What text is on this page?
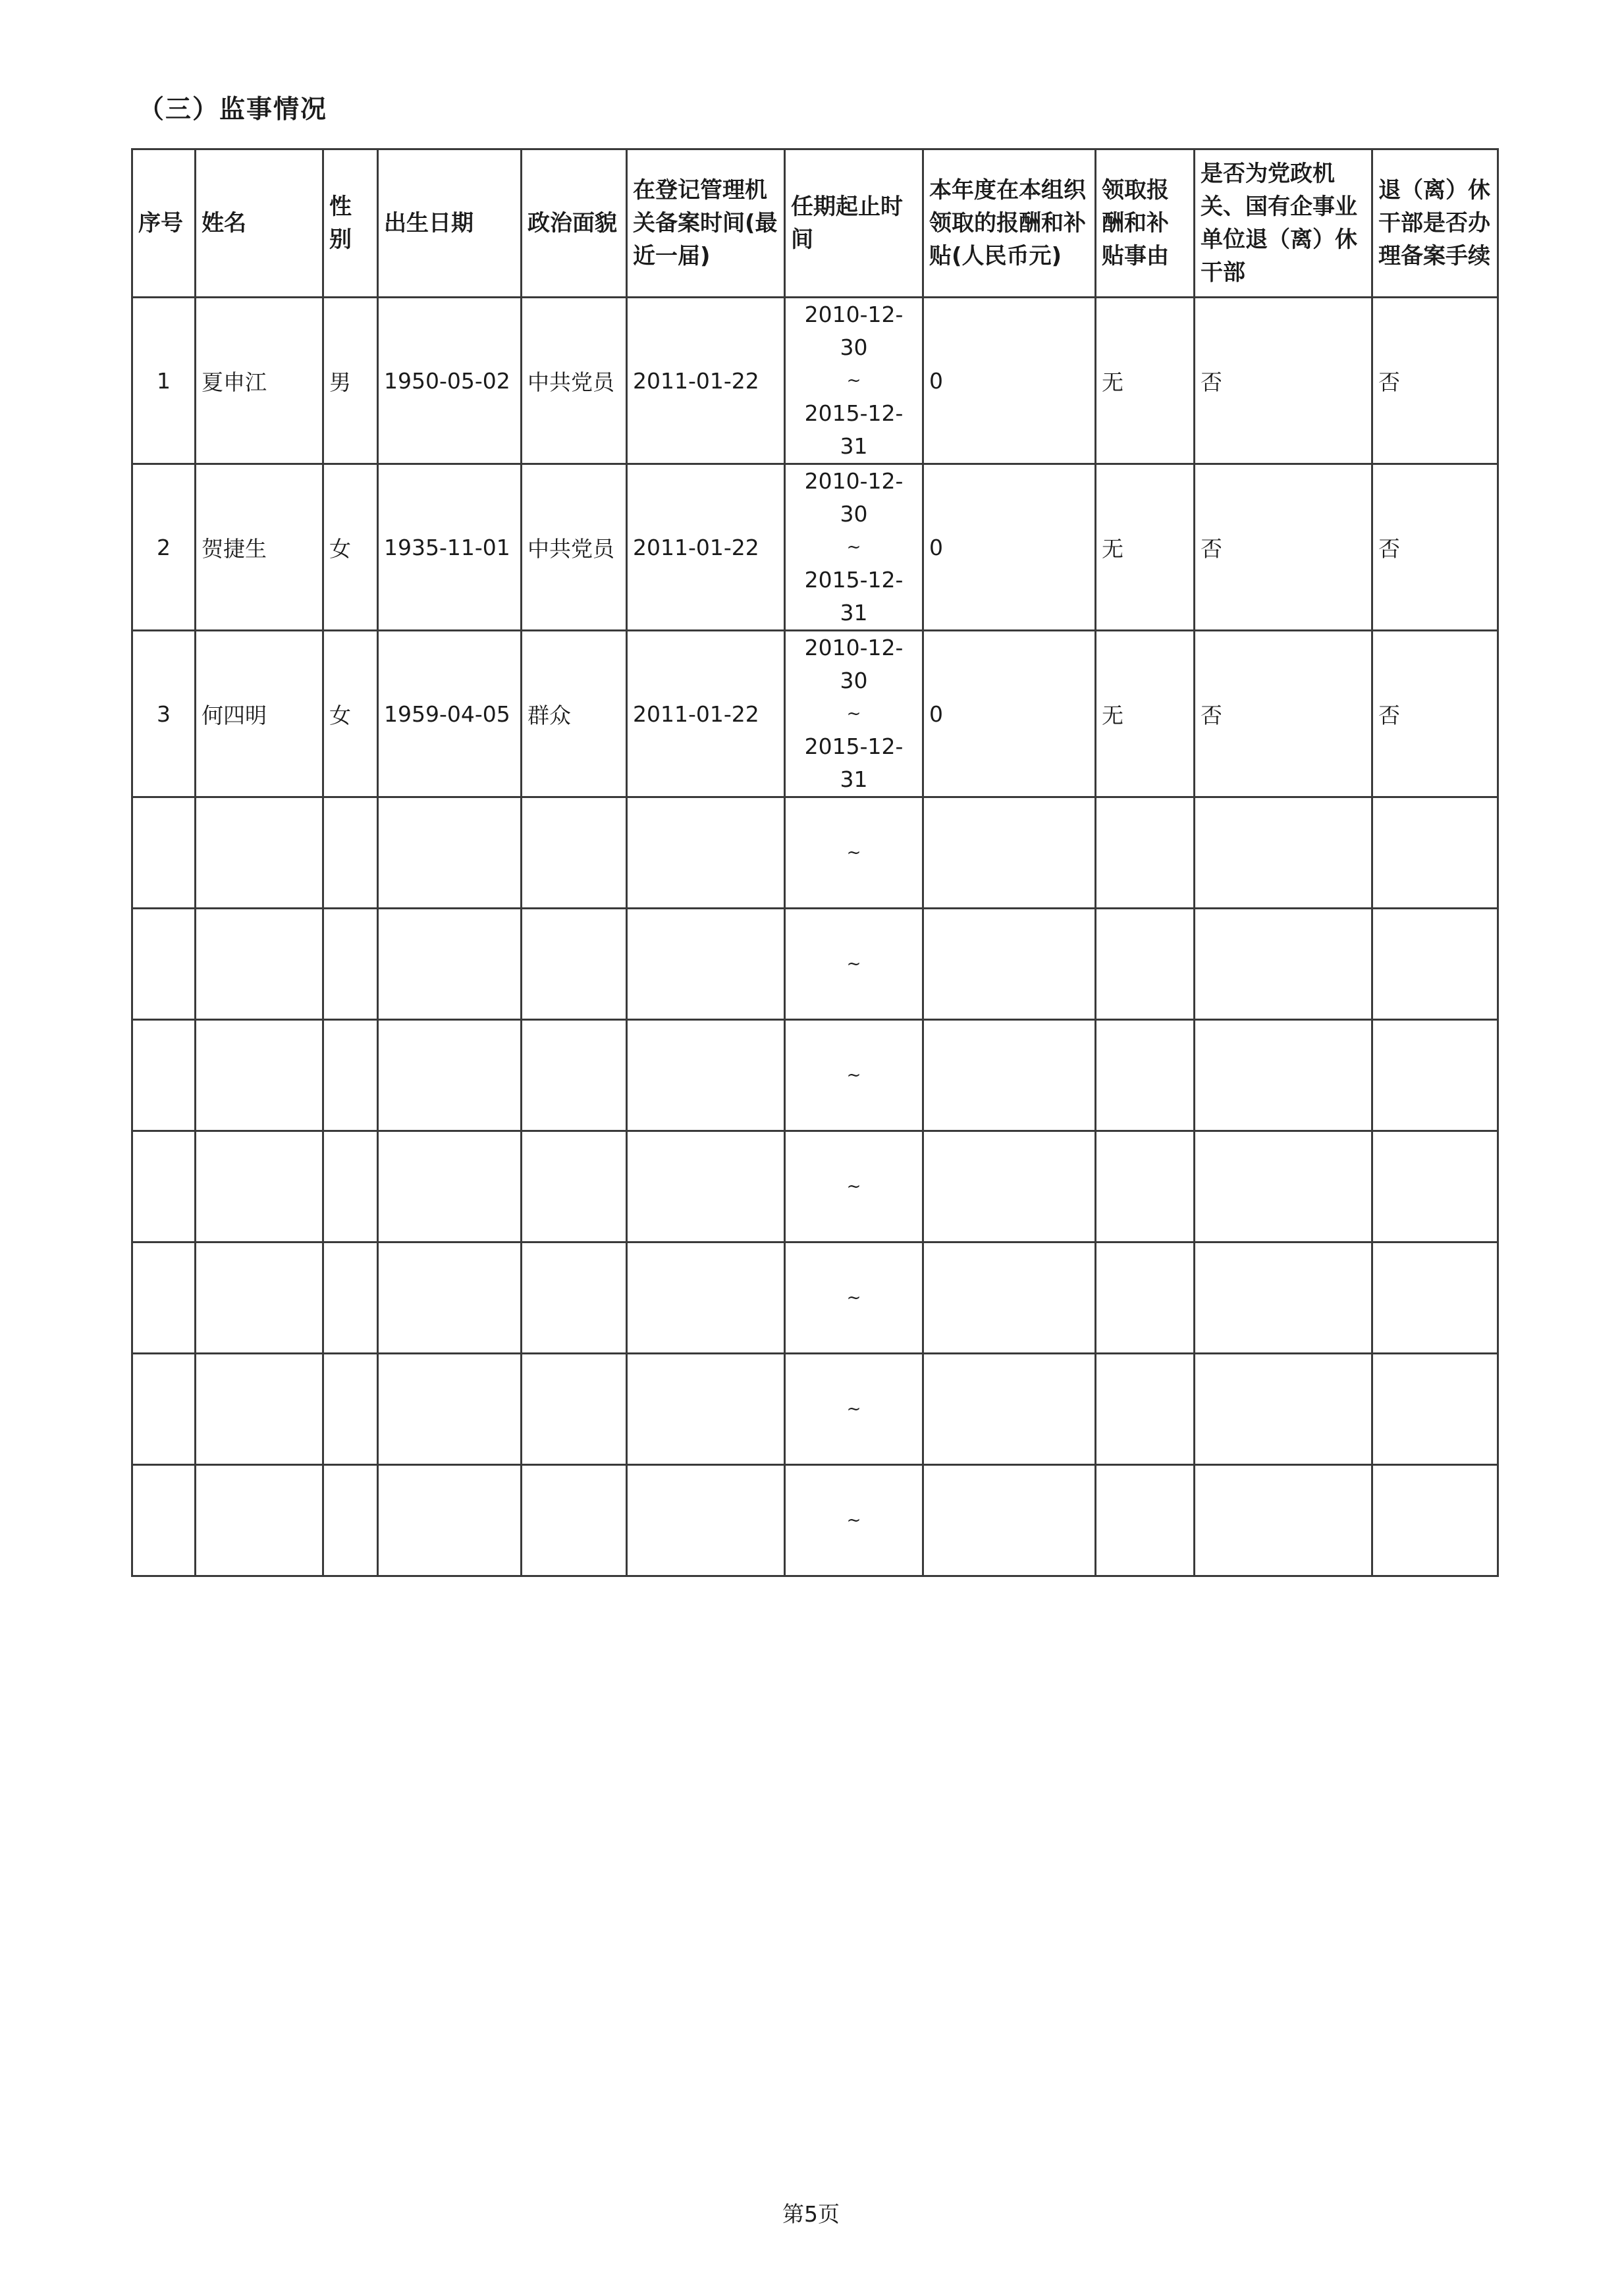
（三）监事情况
序号	姓名	性别	出生日期	政治面貌	在登记管理机关备案时间(最近一届)	任期起止时间	本年度在本组织领取的报酬和补贴(人民币元)	领取报酬和补贴事由	是否为党政机关、国有企事业单位退（离）休干部	退（离）休干部是否办理备案手续
1	夏申江	男	1950-05-02	中共党员	2011-01-22	2010-12-30
~
2015-12-31	0	无	否	否
2	贺捷生	女	1935-11-01	中共党员	2011-01-22	2010-12-30
~
2015-12-31	0	无	否	否
3	何四明	女	1959-04-05	群众	2011-01-22	2010-12-30
~
2015-12-31	0	无	否	否

						~				

						~				

						~				

						~				

						~				

						~				

						~				

第5页
